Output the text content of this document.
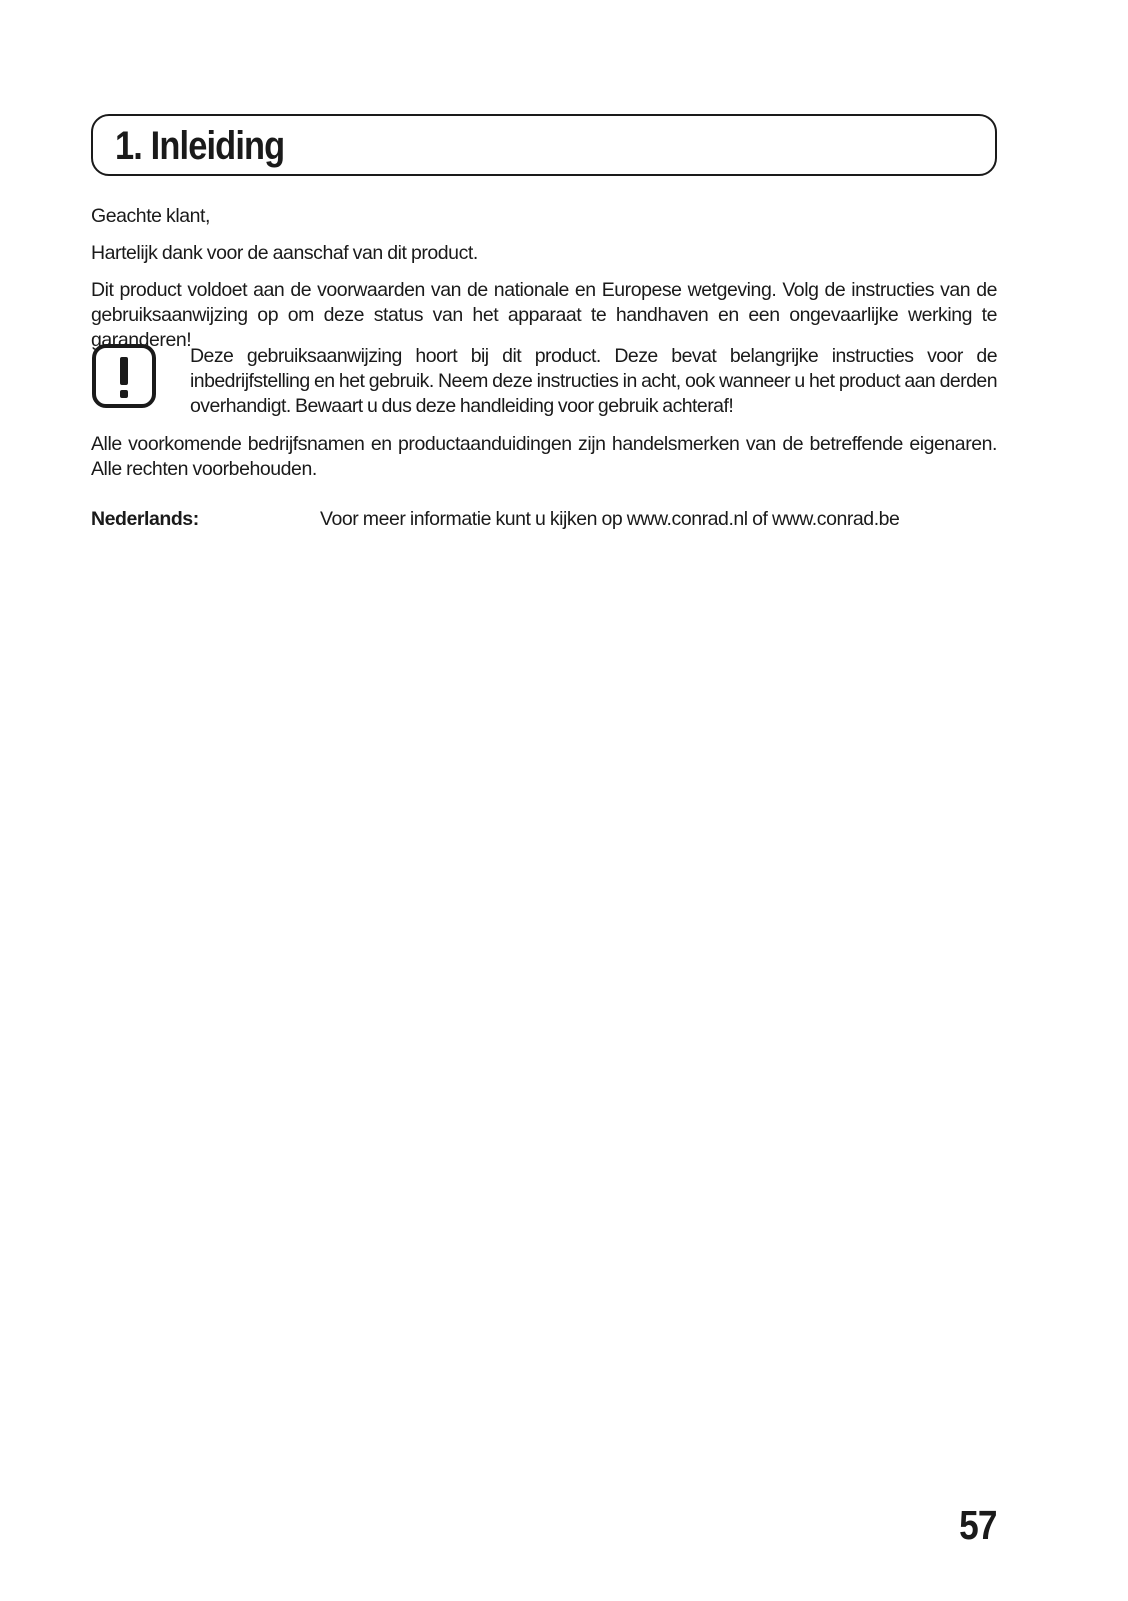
1. Inleiding

Geachte klant,

Hartelijk dank voor de aanschaf van dit product.

Dit product voldoet aan de voorwaarden van de nationale en Europese wetgeving. Volg de instructies van de gebruiksaanwijzing op om deze status van het apparaat te handhaven en een ongevaarlijke werking te garanderen!

Deze gebruiksaanwijzing hoort bij dit product. Deze bevat belangrijke instructies voor de inbedrijfstelling en het gebruik. Neem deze instructies in acht, ook wanneer u het product aan derden overhandigt. Bewaart u dus deze handleiding voor gebruik achteraf!

Alle voorkomende bedrijfsnamen en productaanduidingen zijn handelsmerken van de betreffende eigenaren. Alle rechten voorbehouden.

Nederlands:	Voor meer informatie kunt u kijken op www.conrad.nl of www.conrad.be

57
